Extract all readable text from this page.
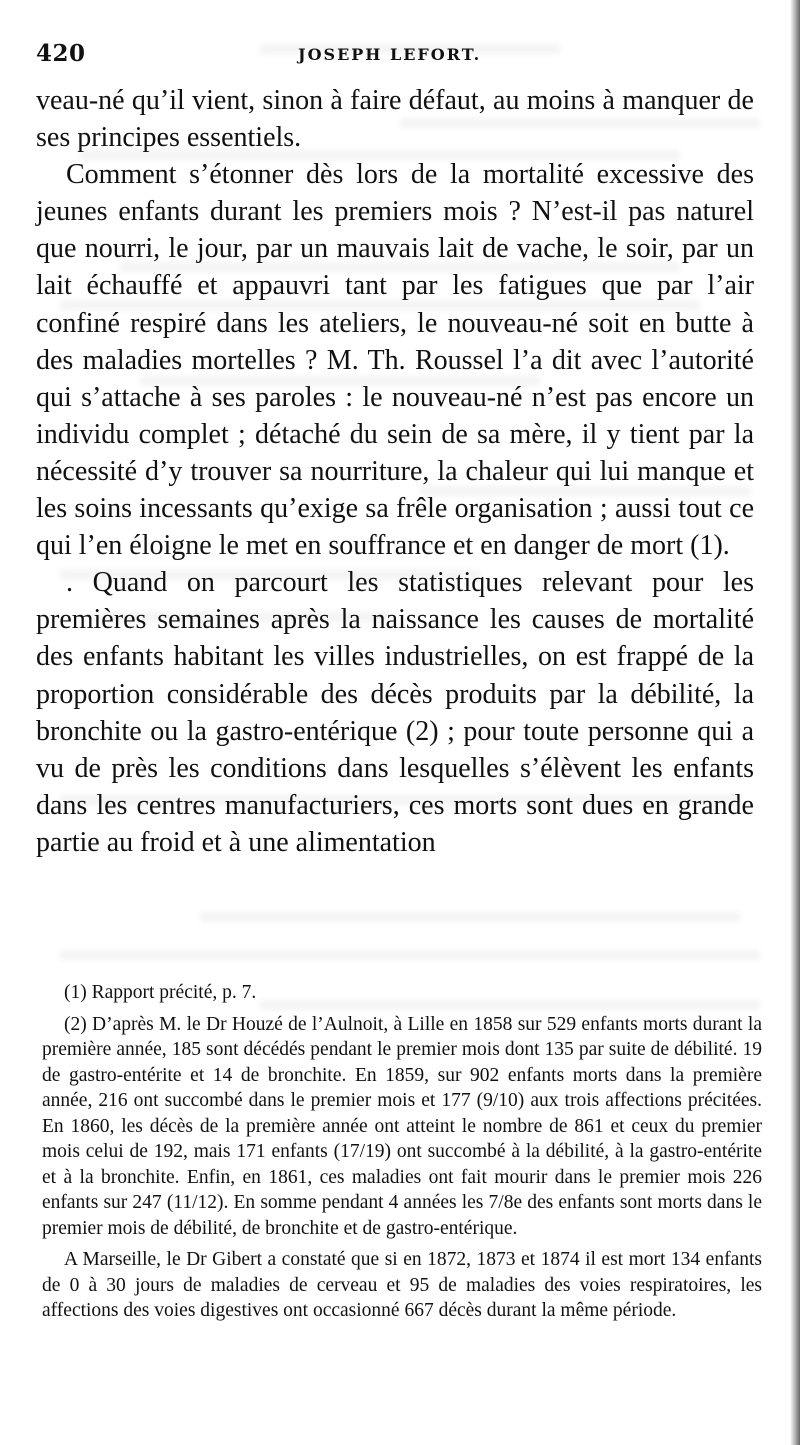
420	JOSEPH LEFORT.

veau-né qu’il vient, sinon à faire défaut, au moins à manquer de ses principes essentiels.

Comment s’étonner dès lors de la mortalité excessive des jeunes enfants durant les premiers mois ? N’est-il pas naturel que nourri, le jour, par un mauvais lait de vache, le soir, par un lait échauffé et appauvri tant par les fatigues que par l’air confiné respiré dans les ateliers, le nouveau-né soit en butte à des maladies mortelles ? M. Th. Roussel l’a dit avec l’autorité qui s’attache à ses paroles : le nouveau-né n’est pas encore un individu complet ; détaché du sein de sa mère, il y tient par la nécessité d’y trouver sa nourriture, la chaleur qui lui manque et les soins incessants qu’exige sa frêle organisation ; aussi tout ce qui l’en éloigne le met en souffrance et en danger de mort (1).

. Quand on parcourt les statistiques relevant pour les premières semaines après la naissance les causes de mortalité des enfants habitant les villes industrielles, on est frappé de la proportion considérable des décès produits par la débilité, la bronchite ou la gastro-entérique (2) ; pour toute personne qui a vu de près les conditions dans lesquelles s’élèvent les enfants dans les centres manufacturiers, ces morts sont dues en grande partie au froid et à une alimentation

(1) Rapport précité, p. 7.

(2) D’après M. le Dr Houzé de l’Aulnoit, à Lille en 1858 sur 529 enfants morts durant la première année, 185 sont décédés pendant le premier mois dont 135 par suite de débilité. 19 de gastro-entérite et 14 de bronchite. En 1859, sur 902 enfants morts dans la première année, 216 ont succombé dans le premier mois et 177 (9/10) aux trois affections précitées. En 1860, les décès de la première année ont atteint le nombre de 861 et ceux du premier mois celui de 192, mais 171 enfants (17/19) ont succombé à la débilité, à la gastro-entérite et à la bronchite. Enfin, en 1861, ces maladies ont fait mourir dans le premier mois 226 enfants sur 247 (11/12). En somme pendant 4 années les 7/8e des enfants sont morts dans le premier mois de débilité, de bronchite et de gastro-entérique.

A Marseille, le Dr Gibert a constaté que si en 1872, 1873 et 1874 il est mort 134 enfants de 0 à 30 jours de maladies de cerveau et 95 de maladies des voies respiratoires, les affections des voies digestives ont occasionné 667 décès durant la même période.
